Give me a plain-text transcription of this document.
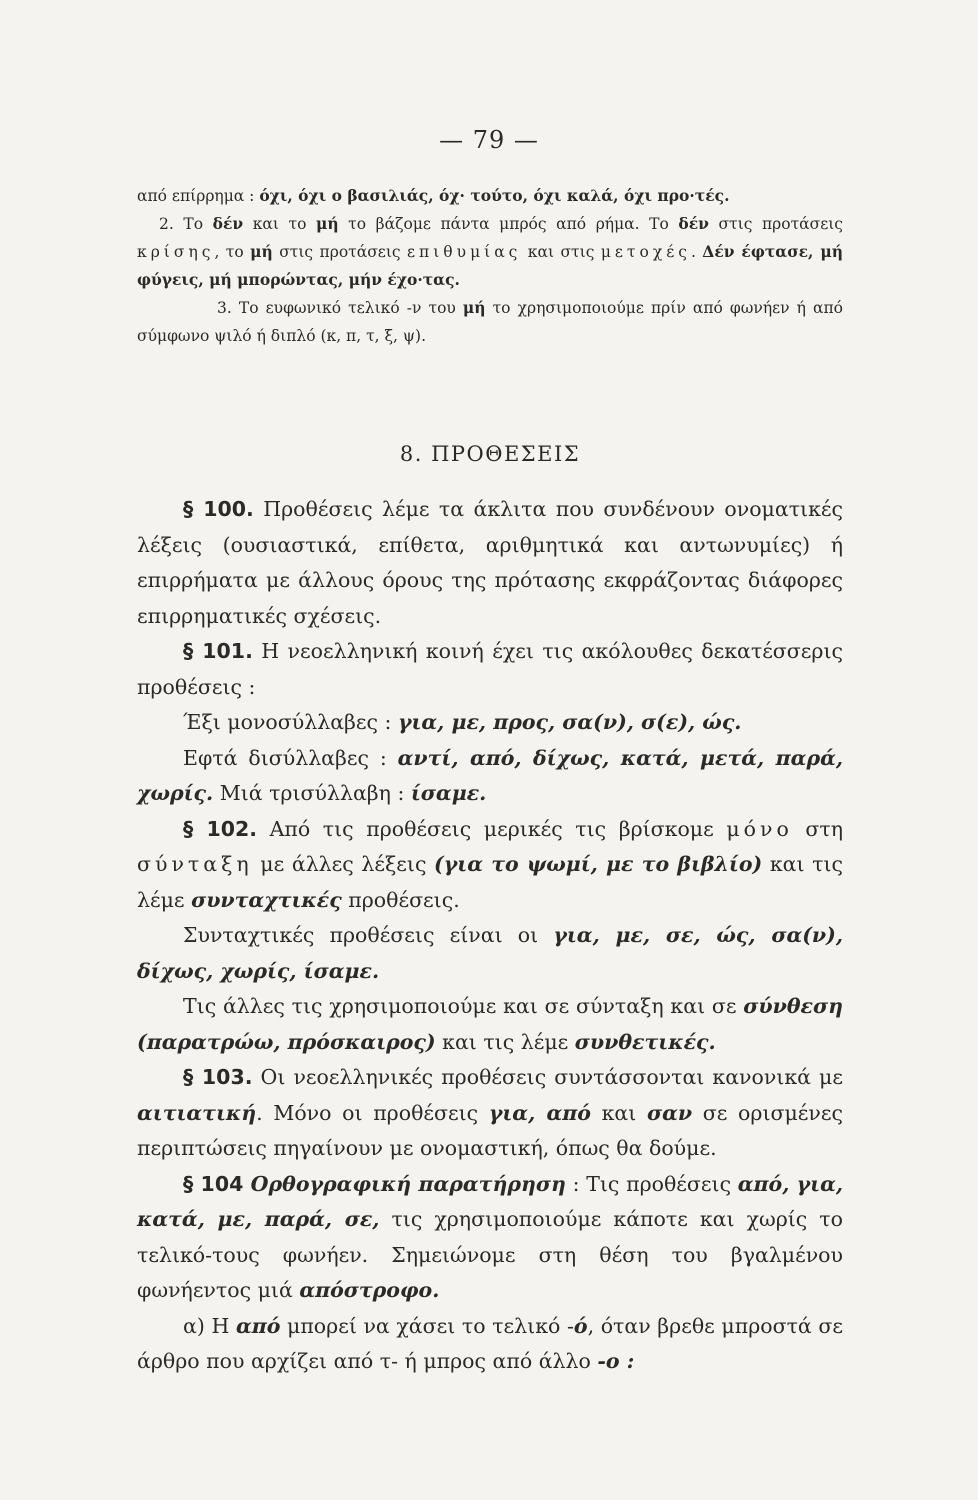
— 79 —

από επίρρημα : όχι, όχι ο βασιλιάς, όχ· τούτο, όχι καλά, όχι προ·τές.

2. Το δέν και το μή το βάζομε πάντα μπρός από ρήμα. Το δέν στις προτάσεις κρίσης, το μή στις προτάσεις επιθυμίας και στις μετοχές. Δέν έφτασε, μή φύγεις, μή μπορώντας, μήν έχο·τας.

3. Το ευφωνικό τελικό -ν του μή το χρησιμοποιούμε πρίν από φωνήεν ή από σύμφωνο ψιλό ή διπλό (κ, π, τ, ξ, ψ).

8. ΠΡΟΘΕΣΕΙΣ

§ 100. Προθέσεις λέμε τα άκλιτα που συνδένουν ονοματικές λέξεις (ουσιαστικά, επίθετα, αριθμητικά και αντωνυμίες) ή επιρρήματα με άλλους όρους της πρότασης εκφράζοντας διάφορες επιρρηματικές σχέσεις.

§ 101. Η νεοελληνική κοινή έχει τις ακόλουθες δεκατέσσερις προθέσεις :

Έξι μονοσύλλαβες : για, με, προς, σα(ν), σ(ε), ώς.

Εφτά δισύλλαβες : αντί, από, δίχως, κατά, μετά, παρά, χωρίς. Μιά τρισύλλαβη : ίσαμε.

§ 102. Από τις προθέσεις μερικές τις βρίσκομε μόνο στη σύνταξη με άλλες λέξεις (για το ψωμί, με το βιβλίο) και τις λέμε συνταχτικές προθέσεις.

Συνταχτικές προθέσεις είναι οι για, με, σε, ώς, σα(ν), δίχως, χωρίς, ίσαμε.

Τις άλλες τις χρησιμοποιούμε και σε σύνταξη και σε σύνθεση (παρατρώω, πρόσκαιρος) και τις λέμε συνθετικές.

§ 103. Οι νεοελληνικές προθέσεις συντάσσονται κανονικά με αιτιατική. Μόνο οι προθέσεις για, από και σαν σε ορισμένες περιπτώσεις πηγαίνουν με ονομαστική, όπως θα δούμε.

§ 104 Ορθογραφική παρατήρηση : Τις προθέσεις από, για, κατά, με, παρά, σε, τις χρησιμοποιούμε κάποτε και χωρίς το τελικό-τους φωνήεν. Σημειώνομε στη θέση του βγαλμένου φωνήεντος μιά απόστροφο.

α) Η από μπορεί να χάσει το τελικό -ό, όταν βρεθε μπροστά σε άρθρο που αρχίζει από τ- ή μπρος από άλλο -ο :
